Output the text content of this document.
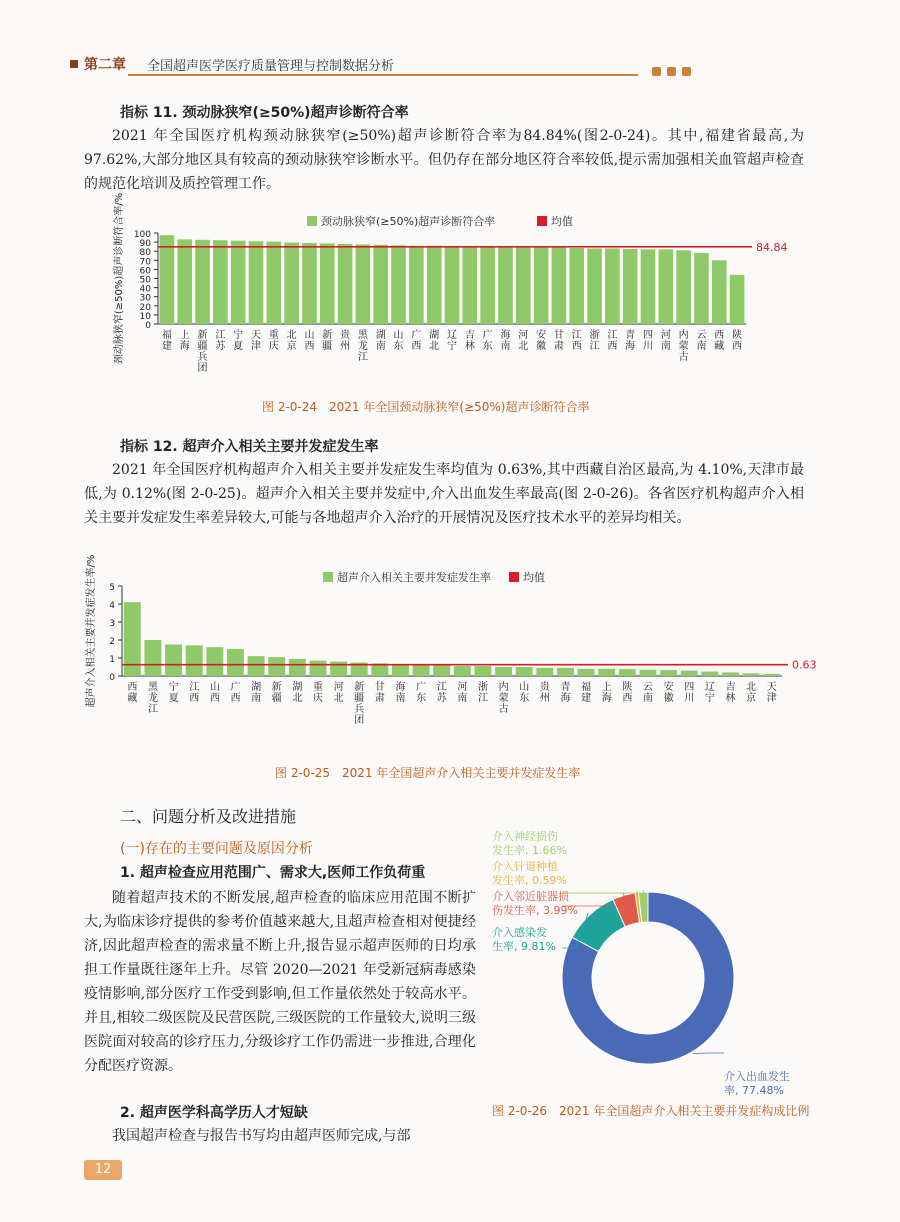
第二章 全国超声医学医疗质量管理与控制数据分析
指标 11. 颈动脉狭窄(≥50%)超声诊断符合率

2021 年全国医疗机构颈动脉狭窄(≥50%)超声诊断符合率为84.84%(图2-0-24)。其中,福建省最高,为 97.62%,大部分地区具有较高的颈动脉狭窄诊断水平。但仍存在部分地区符合率较低,提示需加强相关血管超声检查的规范化培训及质控管理工作。

颈动脉狭窄(≥50%)超声诊断符合率	均值
0
10
20
30
40
50
60
70
80
90
100
颈动脉狭窄(≥50%)超声诊断符合率/%	福建
上海
新疆兵团
江苏
宁夏
天津
重庆
北京
山西
新疆
贵州
黑龙江
湖南
山东
广西
湖北
辽宁
吉林
广东
海南
河北
安徽
甘肃
江西
浙江
江西
青海
四川
河南
内蒙古
云南
西藏
陕西
84.84
图 2-0-24　2021 年全国颈动脉狭窄(≥50%)超声诊断符合率
指标 12. 超声介入相关主要并发症发生率

2021 年全国医疗机构超声介入相关主要并发症发生率均值为 0.63%,其中西藏自治区最高,为 4.10%,天津市最低,为 0.12%(图 2-0-25)。超声介入相关主要并发症中,介入出血发生率最高(图 2-0-26)。各省医疗机构超声介入相关主要并发症发生率差异较大,可能与各地超声介入治疗的开展情况及医疗技术水平的差异均相关。

超声介入相关主要并发症发生率	均值
0
1
2
3
4
5
超声介入相关主要并发症发生率/%	西藏
黑龙江
宁夏
江西
山西
广西
湖南
新疆
湖北
重庆
河北
新疆兵团
甘肃
海南
广东
江苏
河南
浙江
内蒙古
山东
贵州
青海
福建
上海
陕西
云南
安徽
四川
辽宁
吉林
北京
天津
0.63
图 2-0-25　2021 年全国超声介入相关主要并发症发生率
二、问题分析及改进措施
(一)存在的主要问题及原因分析
1. 超声检查应用范围广、需求大,医师工作负荷重

随着超声技术的不断发展,超声检查的临床应用范围不断扩大,为临床诊疗提供的参考价值越来越大,且超声检查相对便捷经济,因此超声检查的需求量不断上升,报告显示超声医师的日均承担工作量既往逐年上升。尽管 2020—2021 年受新冠病毒感染疫情影响,部分医疗工作受到影响,但工作量依然处于较高水平。并且,相较二级医院及民营医院,三级医院的工作量较大,说明三级医院面对较高的诊疗压力,分级诊疗工作仍需进一步推进,合理化分配医疗资源。

2. 超声医学科高学历人才短缺

我国超声检查与报告书写均由超声医师完成,与部

介入出血发生率, 77.48%
介入感染发生率, 9.81%
介入邻近脏器损伤发生率, 3.99%
介入针道种植发生率, 0.59%
介入神经损伤发生率, 1.66%
图 2-0-26　2021 年全国超声介入相关主要并发症构成比例
12
